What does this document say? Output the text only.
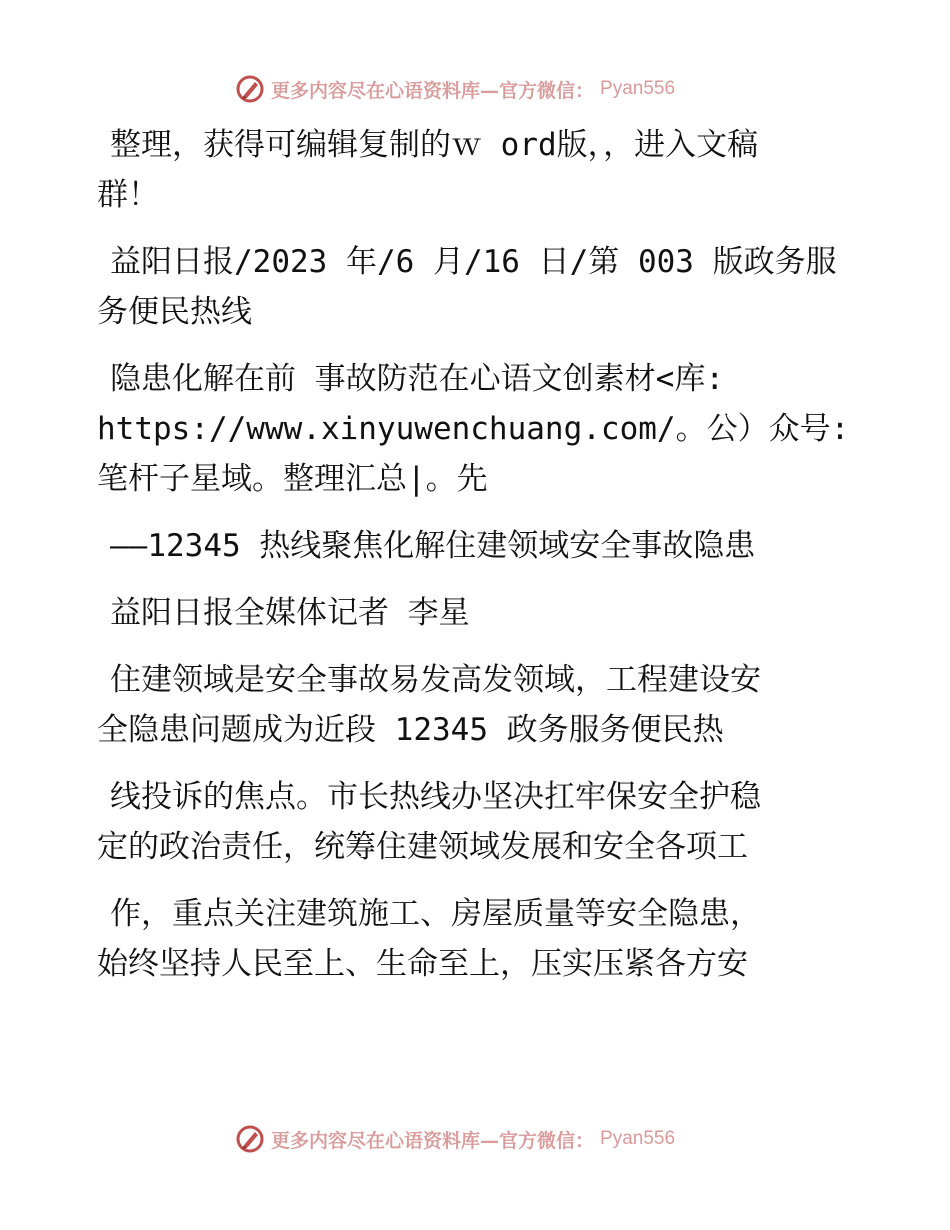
更多内容尽在心语资料库—官方微信： Pyan556

整理，获得可编辑复制的ｗ ord版，，进入文稿
群！

益阳日报/2023 年/6 月/16 日/第 003 版政务服
务便民热线

隐患化解在前 事故防范在心语文创素材<库:
https://www.xinyuwenchuang.com/。公）众号:
笔杆子星域。整理汇总|。先

——12345 热线聚焦化解住建领域安全事故隐患

益阳日报全媒体记者 李星

住建领域是安全事故易发高发领域，工程建设安
全隐患问题成为近段 12345 政务服务便民热

线投诉的焦点。市长热线办坚决扛牢保安全护稳
定的政治责任，统筹住建领域发展和安全各项工

作，重点关注建筑施工、房屋质量等安全隐患，
始终坚持人民至上、生命至上，压实压紧各方安

更多内容尽在心语资料库—官方微信： Pyan556
